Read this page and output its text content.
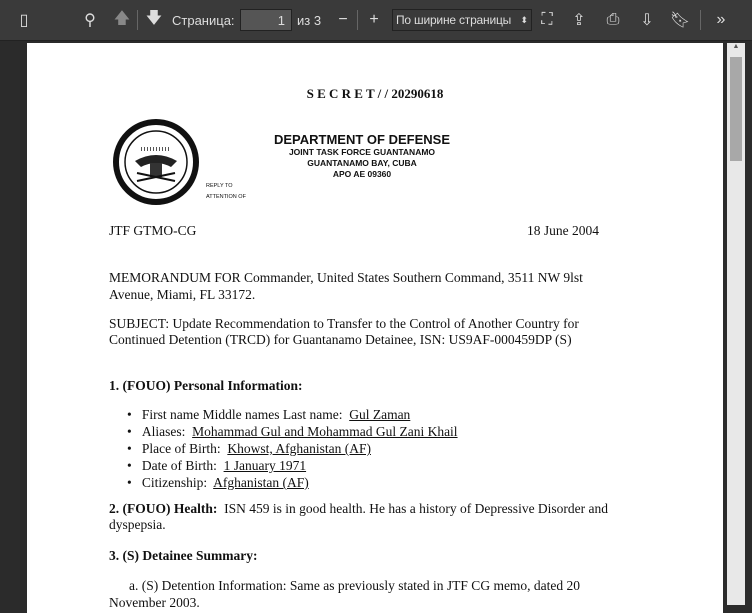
▯	⚲	🡅 🡇 Страница:	1 из 3	−	+	По ширине страницы ⬍ ⛶	⇪	⎙	⇩	🔖︎	»
S E C R E T / / 20290618
DEPARTMENT OF DEFENSE
JOINT TASK FORCE GUANTANAMO
GUANTANAMO BAY, CUBA
APO AE 09360
REPLY TO
ATTENTION OF
JTF GTMO-CG	18 June 2004
MEMORANDUM FOR Commander, United States Southern Command, 3511 NW 9lst
Avenue, Miami, FL 33172.
SUBJECT: Update Recommendation to Transfer to the Control of Another Country for
Continued Detention (TRCD) for Guantanamo Detainee, ISN: US9AF-000459DP (S)
1. (FOUO) Personal Information:
• First name Middle names Last name: Gul Zaman
• Aliases: Mohammad Gul and Mohammad Gul Zani Khail
• Place of Birth: Khowst, Afghanistan (AF)
• Date of Birth: 1 January 1971
• Citizenship: Afghanistan (AF)
2. (FOUO) Health: ISN 459 is in good health. He has a history of Depressive Disorder and
dyspepsia.
3. (S) Detainee Summary:
a. (S) Detention Information: Same as previously stated in JTF CG memo, dated 20
November 2003.
▲
